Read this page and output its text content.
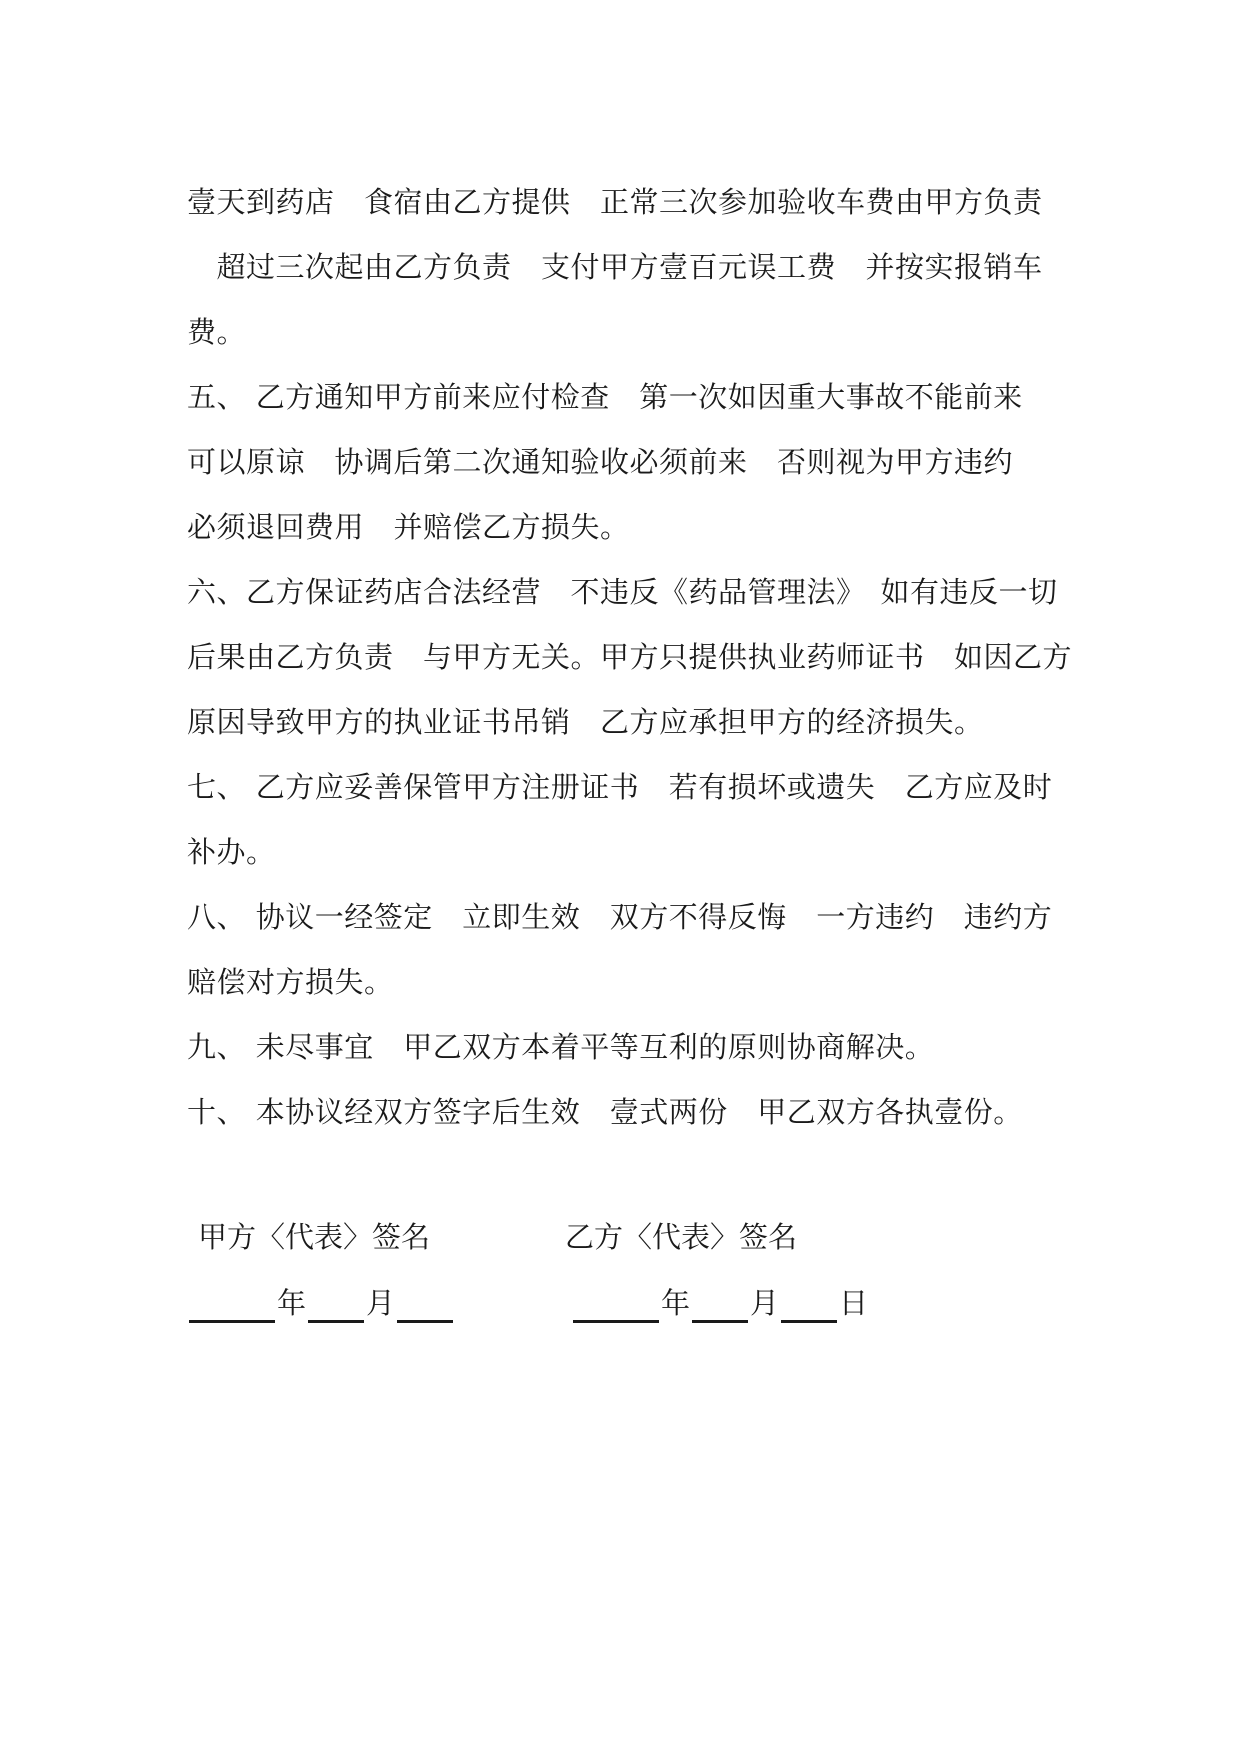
壹天到药店　食宿由乙方提供　正常三次参加验收车费由甲方负责
　超过三次起由乙方负责　支付甲方壹百元误工费　并按实报销车
费。
五、 乙方通知甲方前来应付检查　第一次如因重大事故不能前来
可以原谅　协调后第二次通知验收必须前来　否则视为甲方违约
必须退回费用　并赔偿乙方损失。
六、乙方保证药店合法经营　不违反《药品管理法》　如有违反一切
后果由乙方负责　与甲方无关。甲方只提供执业药师证书　如因乙方
原因导致甲方的执业证书吊销　乙方应承担甲方的经济损失。
七、 乙方应妥善保管甲方注册证书　若有损坏或遗失　乙方应及时
补办。
八、 协议一经签定　立即生效　双方不得反悔　一方违约　违约方
赔偿对方损失。
九、 未尽事宜　甲乙双方本着平等互利的原则协商解决。
十、 本协议经双方签字后生效　壹式两份　甲乙双方各执壹份。
甲方〈代表〉签名	乙方〈代表〉签名
年 月	年 月 日
